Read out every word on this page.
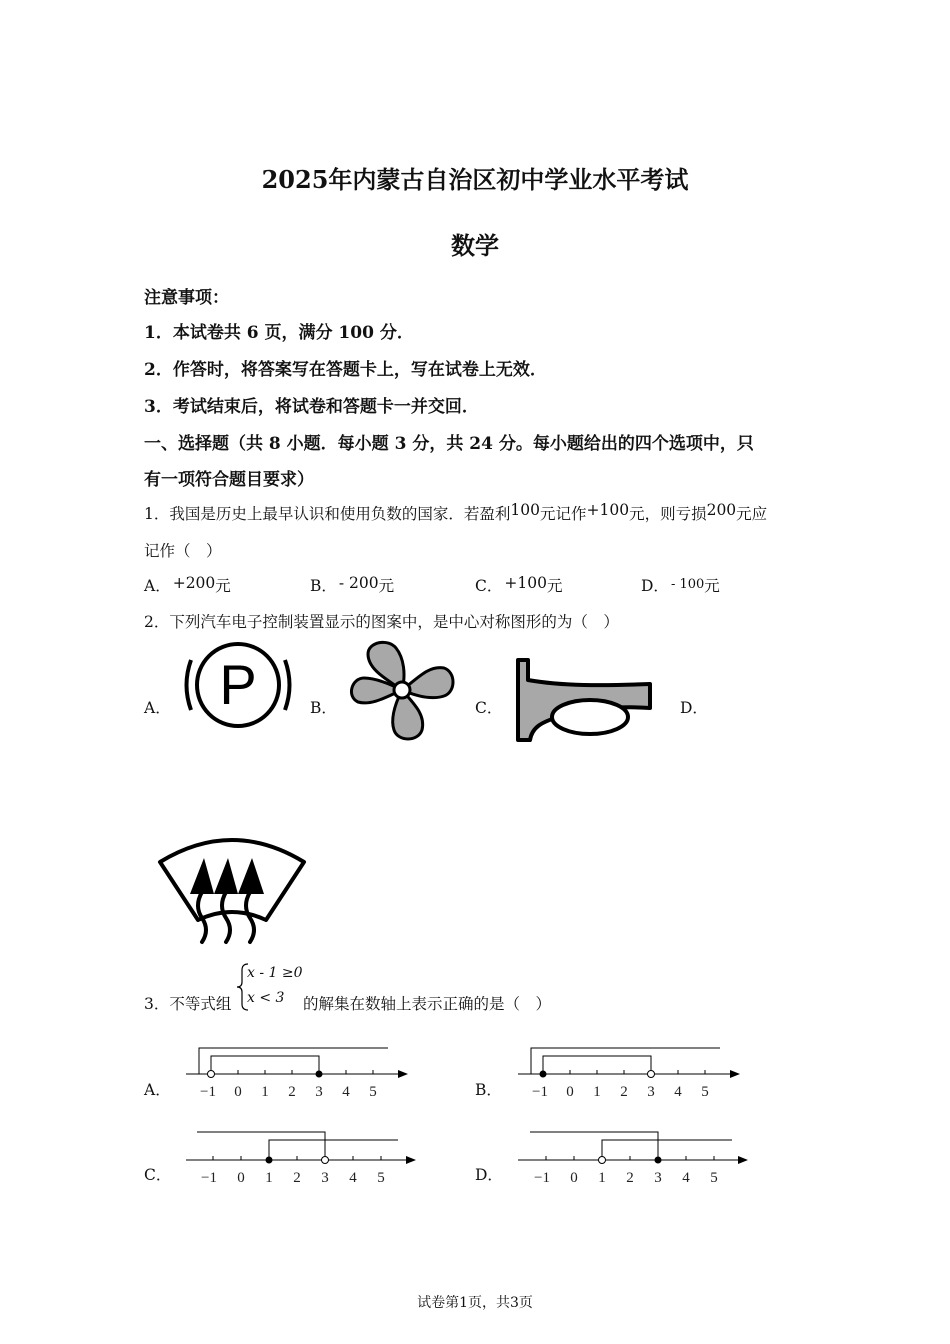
2025年内蒙古自治区初中学业水平考试
数学
注意事项：
1．本试卷共 6 页，满分 100 分．
2．作答时，将答案写在答题卡上，写在试卷上无效．
3．考试结束后，将试卷和答题卡一并交回．
一、选择题（共 8 小题．每小题 3 分，共 24 分。每小题给出的四个选项中，只
有一项符合题目要求）
1．我国是历史上最早认识和使用负数的国家．若盈利100元记作+100元，则亏损200元应
记作（　）
A． +200元	B． - 200元	C． +100元	D． - 100元
2．下列汽车电子控制装置显示的图案中，是中心对称图形的为（　）
A．	B．	C．	D．
P
3．不等式组
x - 1 ≥0
x < 3 的解集在数轴上表示正确的是（　）
A．	B．
C．	D．
−1 0 1 2 3 4 5	−1 0 1 2 3 4 5
−1 0 1 2 3 4 5	−1 0 1 2 3 4 5
试卷第1页，共3页
